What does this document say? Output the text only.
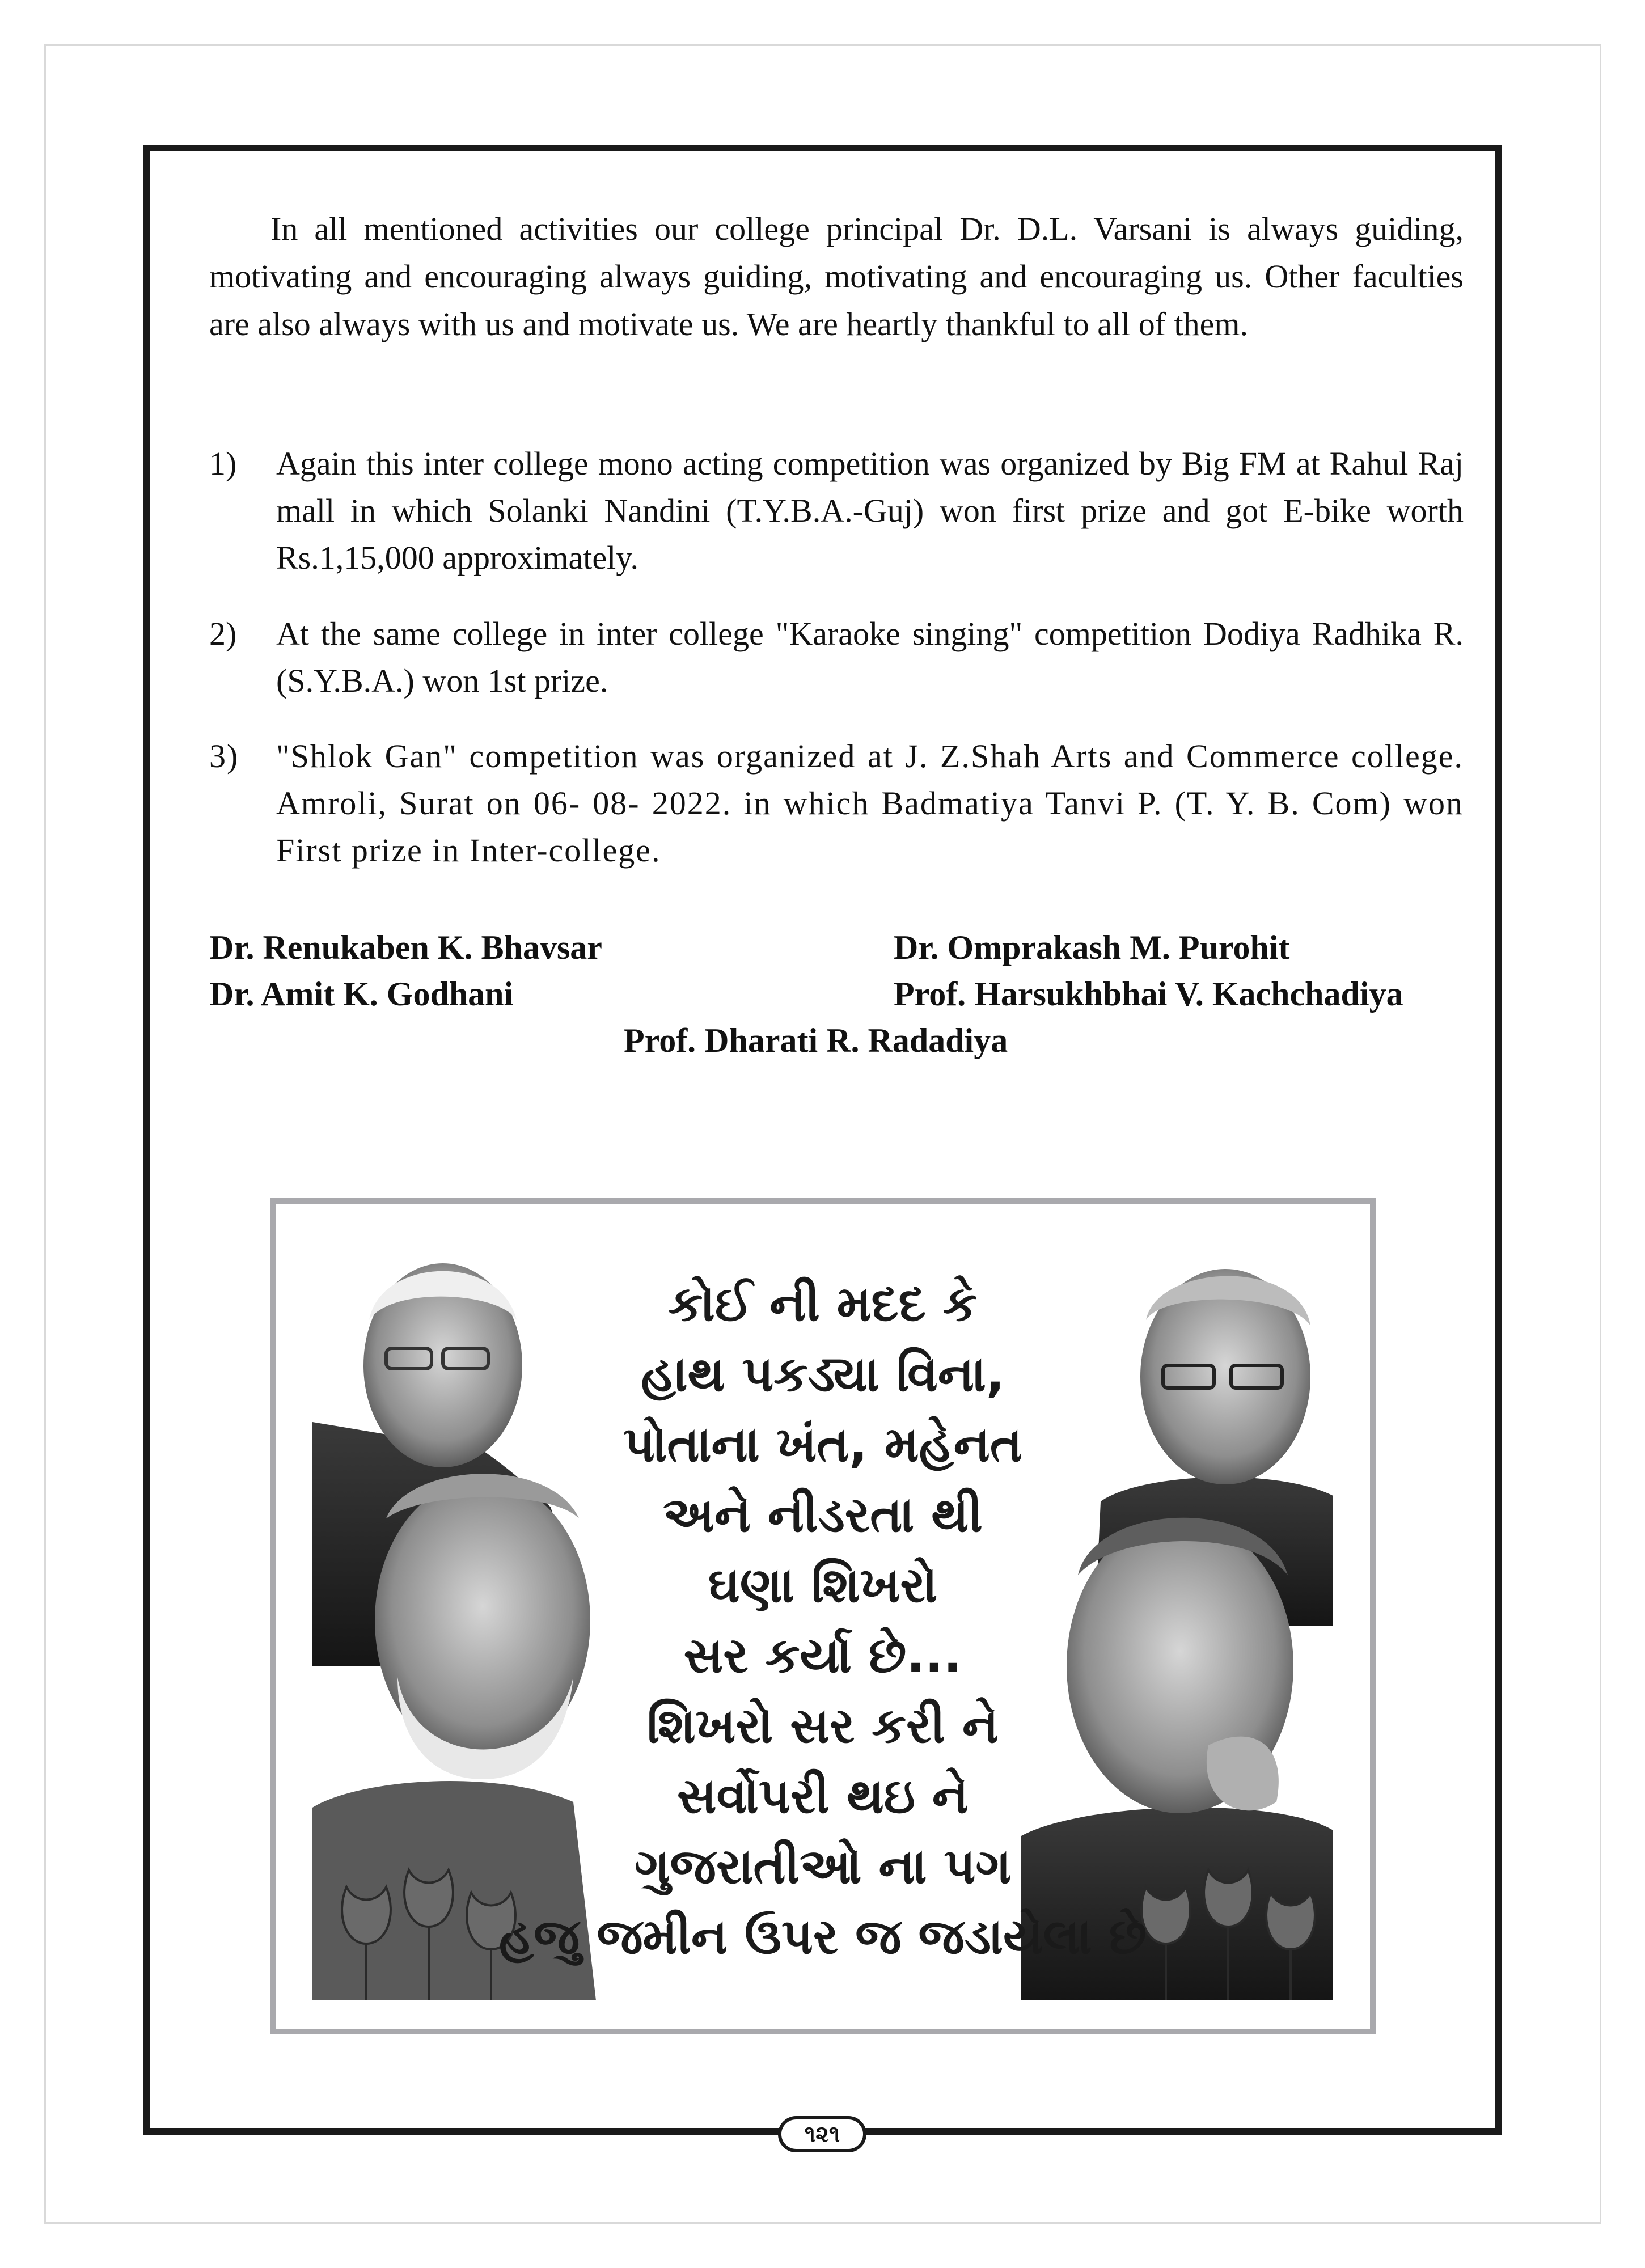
In all mentioned activities our college principal Dr. D.L. Varsani is always guiding, motivating and encouraging always guiding, motivating and encouraging us. Other faculties are also always with us and motivate us. We are heartly thankful to all of them.

1) Again this inter college mono acting competition was organized by Big FM at Rahul Raj mall in which Solanki Nandini (T.Y.B.A.-Guj) won first prize and got E-bike worth Rs.1,15,000 approximately.
2) At the same college in inter college "Karaoke singing" competition Dodiya Radhika R. (S.Y.B.A.) won 1st prize.
3) "Shlok Gan" competition was organized at J. Z.Shah Arts and Commerce college. Amroli, Surat on 06- 08- 2022. in which Badmatiya Tanvi P. (T. Y. B. Com) won First prize in Inter-college.
Dr. Renukaben K. Bhavsar	Dr. Omprakash M. Purohit
Dr. Amit K. Godhani	Prof. Harsukhbhai V. Kachchadiya
Prof. Dharati R. Radadiya
કોઈ ની મદદ કે
હાથ પકડ્યા વિના,
પોતાના ખંત, મહેનત
અને નીડરતા થી
ઘણા શિખરો
સર કર્યા છે...
શિખરો સર કરી ને
સર્વોપરી થઇ ને
ગુજરાતીઓ ના પગ
હજુ જમીન ઉપર જ જડાયેલા છે
૧૨૧
